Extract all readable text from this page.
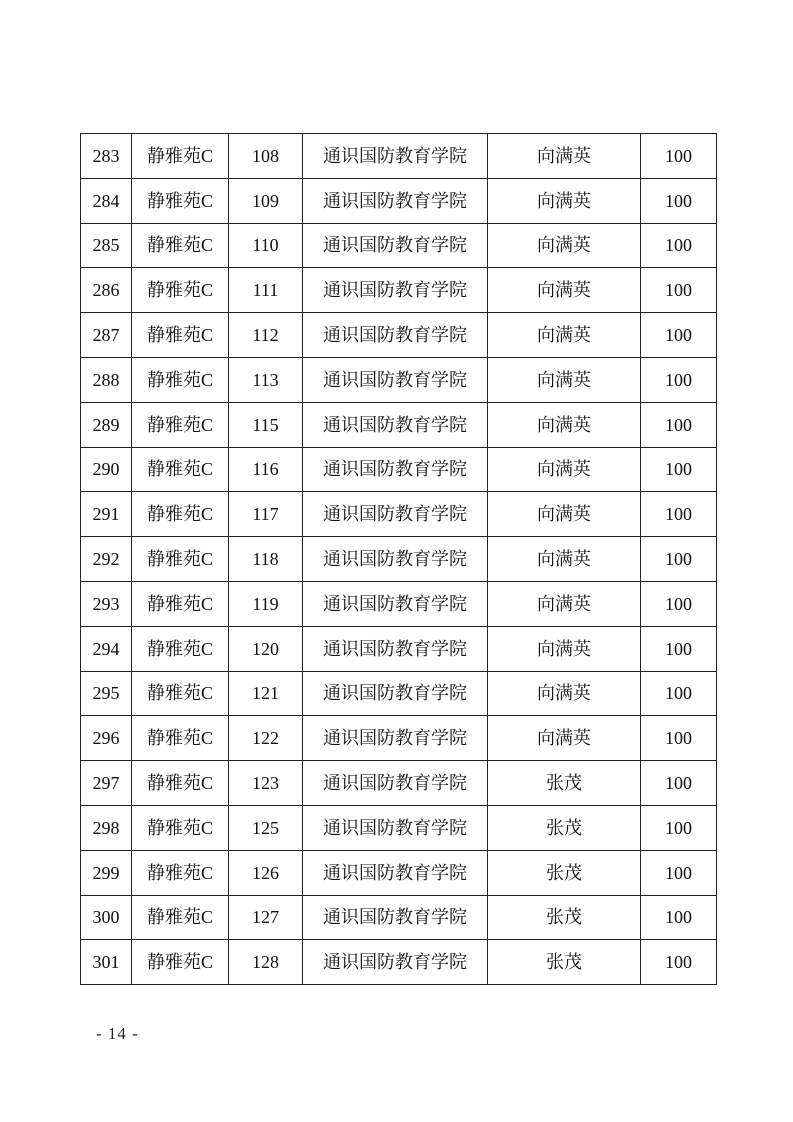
283	静雅苑C	108	通识国防教育学院	向满英	100
284	静雅苑C	109	通识国防教育学院	向满英	100
285	静雅苑C	110	通识国防教育学院	向满英	100
286	静雅苑C	111	通识国防教育学院	向满英	100
287	静雅苑C	112	通识国防教育学院	向满英	100
288	静雅苑C	113	通识国防教育学院	向满英	100
289	静雅苑C	115	通识国防教育学院	向满英	100
290	静雅苑C	116	通识国防教育学院	向满英	100
291	静雅苑C	117	通识国防教育学院	向满英	100
292	静雅苑C	118	通识国防教育学院	向满英	100
293	静雅苑C	119	通识国防教育学院	向满英	100
294	静雅苑C	120	通识国防教育学院	向满英	100
295	静雅苑C	121	通识国防教育学院	向满英	100
296	静雅苑C	122	通识国防教育学院	向满英	100
297	静雅苑C	123	通识国防教育学院	张茂	100
298	静雅苑C	125	通识国防教育学院	张茂	100
299	静雅苑C	126	通识国防教育学院	张茂	100
300	静雅苑C	127	通识国防教育学院	张茂	100
301	静雅苑C	128	通识国防教育学院	张茂	100
- 14 -
